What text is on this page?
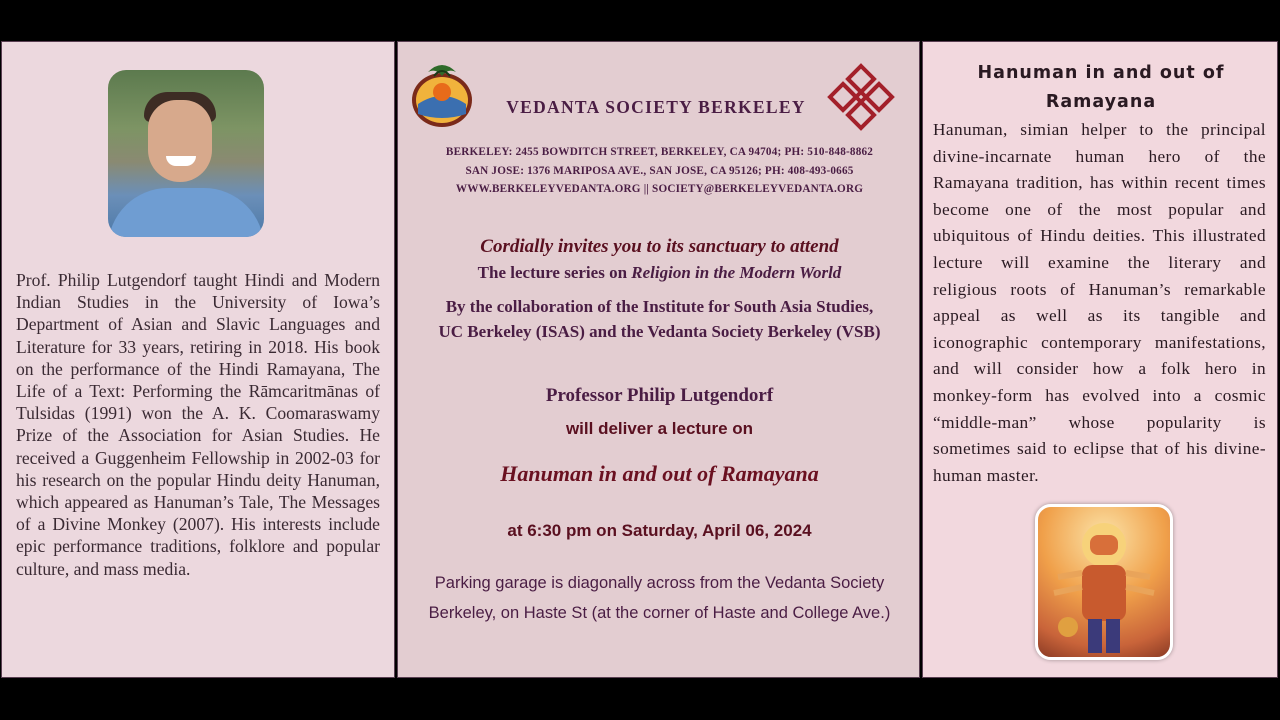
Prof. Philip Lutgendorf taught Hindi and Modern Indian Studies in the University of Iowa’s Department of Asian and Slavic Languages and Literature for 33 years, retiring in 2018. His book on the performance of the Hindi Ramayana, The Life of a Text: Performing the Rāmcaritmānas of Tulsidas (1991) won the A. K. Coomaraswamy Prize of the Association for Asian Studies. He received a Guggenheim Fellowship in 2002-03 for his research on the popular Hindu deity Hanuman, which appeared as Hanuman’s Tale, The Messages of a Divine Monkey (2007). His interests include epic performance traditions, folklore and popular culture, and mass media.

VEDANTA SOCIETY BERKELEY

BERKELEY: 2455 BOWDITCH STREET, BERKELEY, CA 94704; PH: 510-848-8862

SAN JOSE: 1376 MARIPOSA AVE., SAN JOSE, CA 95126; PH: 408-493-0665

WWW.BERKELEYVEDANTA.ORG || SOCIETY@BERKELEYVEDANTA.ORG

Cordially invites you to its sanctuary to attend

The lecture series on Religion in the Modern World

By the collaboration of the Institute for South Asia Studies,
UC Berkeley (ISAS) and the Vedanta Society Berkeley (VSB)

Professor Philip Lutgendorf

will deliver a lecture on

Hanuman in and out of Ramayana

at 6:30 pm on Saturday, April 06, 2024

Parking garage is diagonally across from the Vedanta Society
Berkeley, on Haste St (at the corner of Haste and College Ave.)

Hanuman in and out of
Ramayana

Hanuman, simian helper to the principal divine-incarnate human hero of the Ramayana tradition, has within recent times become one of the most popular and ubiquitous of Hindu deities. This illustrated lecture will examine the literary and religious roots of Hanuman’s remarkable appeal as well as its tangible and iconographic contemporary manifestations, and will consider how a folk hero in monkey-form has evolved into a cosmic “middle-man” whose popularity is sometimes said to eclipse that of his divine-human master.
